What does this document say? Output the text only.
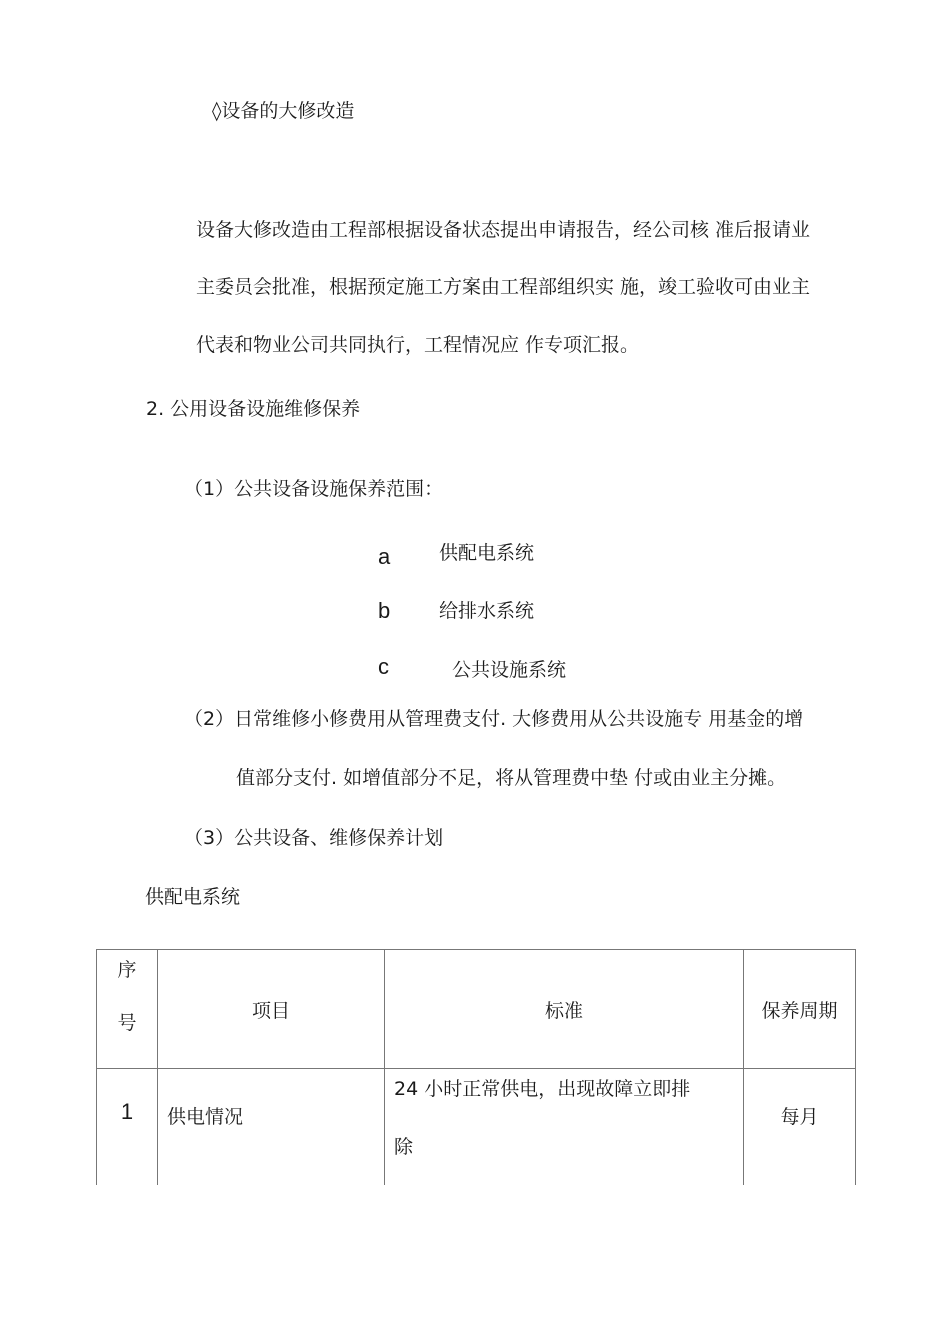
◊设备的大修改造
设备大修改造由工程部根据设备状态提出申请报告，经公司核 准后报请业
主委员会批准，根据预定施工方案由工程部组织实 施，竣工验收可由业主
代表和物业公司共同执行，工程情况应 作专项汇报。
2. 公用设备设施维修保养
（1）公共设备设施保养范围：
a	供配电系统
b	给排水系统
c	公共设施系统
（2）日常维修小修费用从管理费支付. 大修费用从公共设施专 用基金的增
值部分支付. 如增值部分不足，将从管理费中垫 付或由业主分摊。
（3）公共设备、维修保养计划
供配电系统
序
号	项目	标准	保养周期

1	供电情况	24 小时正常供电，出现故障立即排
除	每月
